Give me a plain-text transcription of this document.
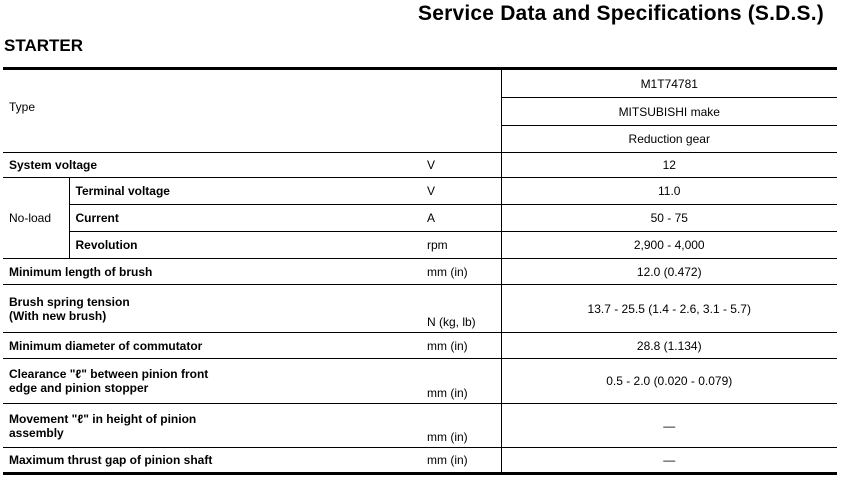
Service Data and Specifications (S.D.S.)
STARTER
Type			M1T74781
			MITSUBISHI make
			Reduction gear
System voltage		V	12
No-load	Terminal voltage	V	11.0
	Current	A	50 - 75
	Revolution	rpm	2,900 - 4,000
Minimum length of brush		mm (in)	12.0 (0.472)

Brush spring tension
(With new brush)		N (kg, lb)	13.7 - 25.5 (1.4 - 2.6, 3.1 - 5.7)
Minimum diameter of commutator		mm (in)	28.8 (1.134)

Clearance "ℓ" between pinion front
edge and pinion stopper		mm (in)	0.5 - 2.0 (0.020 - 0.079)

Movement "ℓ" in height of pinion
assembly		mm (in)	—
Maximum thrust gap of pinion shaft		mm (in)	—
